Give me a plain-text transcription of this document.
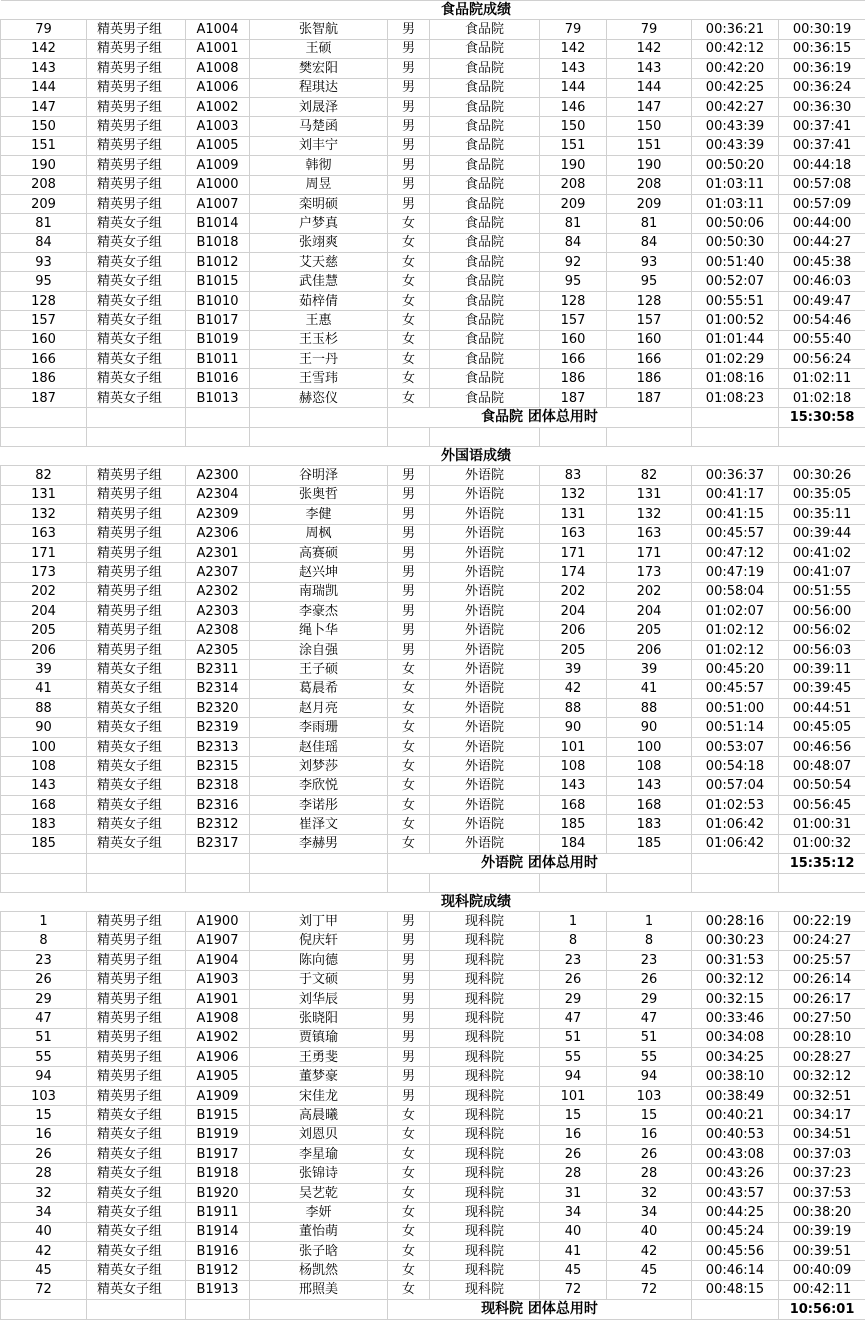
	食品院成绩								
79	精英男子组	A1004	张智航	男	食品院	79	79	00:36:21	00:30:19
142	精英男子组	A1001	王硕	男	食品院	142	142	00:42:12	00:36:15
143	精英男子组	A1008	樊宏阳	男	食品院	143	143	00:42:20	00:36:19
144	精英男子组	A1006	程琪达	男	食品院	144	144	00:42:25	00:36:24
147	精英男子组	A1002	刘晟泽	男	食品院	146	147	00:42:27	00:36:30
150	精英男子组	A1003	马楚函	男	食品院	150	150	00:43:39	00:37:41
151	精英男子组	A1005	刘丰宁	男	食品院	151	151	00:43:39	00:37:41
190	精英男子组	A1009	韩彻	男	食品院	190	190	00:50:20	00:44:18
208	精英男子组	A1000	周昱	男	食品院	208	208	01:03:11	00:57:08
209	精英男子组	A1007	栾明硕	男	食品院	209	209	01:03:11	00:57:09
81	精英女子组	B1014	户梦真	女	食品院	81	81	00:50:06	00:44:00
84	精英女子组	B1018	张翊爽	女	食品院	84	84	00:50:30	00:44:27
93	精英女子组	B1012	艾天慈	女	食品院	92	93	00:51:40	00:45:38
95	精英女子组	B1015	武佳慧	女	食品院	95	95	00:52:07	00:46:03
128	精英女子组	B1010	茹梓倩	女	食品院	128	128	00:55:51	00:49:47
157	精英女子组	B1017	王惠	女	食品院	157	157	01:00:52	00:54:46
160	精英女子组	B1019	王玉杉	女	食品院	160	160	01:01:44	00:55:40
166	精英女子组	B1011	王一丹	女	食品院	166	166	01:02:29	00:56:24
186	精英女子组	B1016	王雪玮	女	食品院	186	186	01:08:16	01:02:11
187	精英女子组	B1013	赫恣仪	女	食品院	187	187	01:08:23	01:02:18
				食品院 团体总用时					15:30:58

	外国语成绩								
82	精英男子组	A2300	谷明泽	男	外语院	83	82	00:36:37	00:30:26
131	精英男子组	A2304	张奥哲	男	外语院	132	131	00:41:17	00:35:05
132	精英男子组	A2309	李健	男	外语院	131	132	00:41:15	00:35:11
163	精英男子组	A2306	周枫	男	外语院	163	163	00:45:57	00:39:44
171	精英男子组	A2301	高赛硕	男	外语院	171	171	00:47:12	00:41:02
173	精英男子组	A2307	赵兴坤	男	外语院	174	173	00:47:19	00:41:07
202	精英男子组	A2302	南瑞凯	男	外语院	202	202	00:58:04	00:51:55
204	精英男子组	A2303	李豪杰	男	外语院	204	204	01:02:07	00:56:00
205	精英男子组	A2308	绳卜华	男	外语院	206	205	01:02:12	00:56:02
206	精英男子组	A2305	涂自强	男	外语院	205	206	01:02:12	00:56:03
39	精英女子组	B2311	王子硕	女	外语院	39	39	00:45:20	00:39:11
41	精英女子组	B2314	葛晨希	女	外语院	42	41	00:45:57	00:39:45
88	精英女子组	B2320	赵月亮	女	外语院	88	88	00:51:00	00:44:51
90	精英女子组	B2319	李雨珊	女	外语院	90	90	00:51:14	00:45:05
100	精英女子组	B2313	赵佳瑶	女	外语院	101	100	00:53:07	00:46:56
108	精英女子组	B2315	刘梦莎	女	外语院	108	108	00:54:18	00:48:07
143	精英女子组	B2318	李欣悦	女	外语院	143	143	00:57:04	00:50:54
168	精英女子组	B2316	李诺彤	女	外语院	168	168	01:02:53	00:56:45
183	精英女子组	B2312	崔泽文	女	外语院	185	183	01:06:42	01:00:31
185	精英女子组	B2317	李赫男	女	外语院	184	185	01:06:42	01:00:32
				外语院 团体总用时					15:35:12

	现科院成绩								
1	精英男子组	A1900	刘丁甲	男	现科院	1	1	00:28:16	00:22:19
8	精英男子组	A1907	倪庆轩	男	现科院	8	8	00:30:23	00:24:27
23	精英男子组	A1904	陈向德	男	现科院	23	23	00:31:53	00:25:57
26	精英男子组	A1903	于文硕	男	现科院	26	26	00:32:12	00:26:14
29	精英男子组	A1901	刘华辰	男	现科院	29	29	00:32:15	00:26:17
47	精英男子组	A1908	张晓阳	男	现科院	47	47	00:33:46	00:27:50
51	精英男子组	A1902	贾镇瑜	男	现科院	51	51	00:34:08	00:28:10
55	精英男子组	A1906	王勇斐	男	现科院	55	55	00:34:25	00:28:27
94	精英男子组	A1905	董梦豪	男	现科院	94	94	00:38:10	00:32:12
103	精英男子组	A1909	宋佳龙	男	现科院	101	103	00:38:49	00:32:51
15	精英女子组	B1915	高晨曦	女	现科院	15	15	00:40:21	00:34:17
16	精英女子组	B1919	刘恩贝	女	现科院	16	16	00:40:53	00:34:51
26	精英女子组	B1917	李星瑜	女	现科院	26	26	00:43:08	00:37:03
28	精英女子组	B1918	张锦诗	女	现科院	28	28	00:43:26	00:37:23
32	精英女子组	B1920	吴艺乾	女	现科院	31	32	00:43:57	00:37:53
34	精英女子组	B1911	李妍	女	现科院	34	34	00:44:25	00:38:20
40	精英女子组	B1914	董怡萌	女	现科院	40	40	00:45:24	00:39:19
42	精英女子组	B1916	张子晗	女	现科院	41	42	00:45:56	00:39:51
45	精英女子组	B1912	杨凯然	女	现科院	45	45	00:46:14	00:40:09
72	精英女子组	B1913	邢照美	女	现科院	72	72	00:48:15	00:42:11
				现科院 团体总用时					10:56:01
